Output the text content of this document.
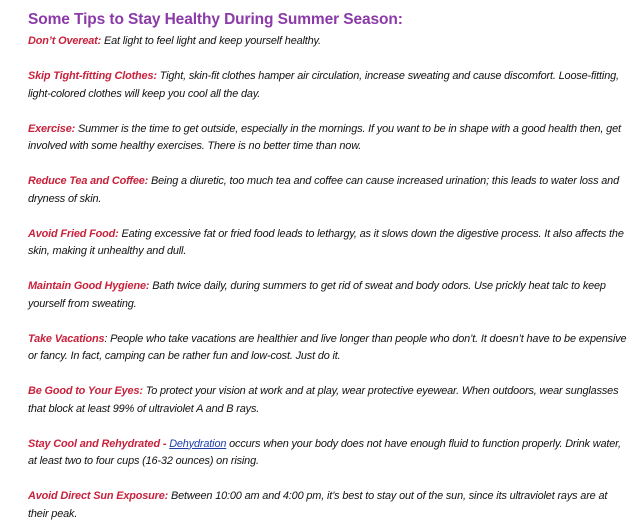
Some Tips to Stay Healthy During Summer Season:

Don’t Overeat: Eat light to feel light and keep yourself healthy.

Skip Tight-fitting Clothes: Tight, skin-fit clothes hamper air circulation, increase sweating and cause discomfort. Loose-fitting, light-colored clothes will keep you cool all the day.

Exercise: Summer is the time to get outside, especially in the mornings. If you want to be in shape with a good health then, get involved with some healthy exercises. There is no better time than now.

Reduce Tea and Coffee: Being a diuretic, too much tea and coffee can cause increased urination; this leads to water loss and dryness of skin.

Avoid Fried Food: Eating excessive fat or fried food leads to lethargy, as it slows down the digestive process. It also affects the skin, making it unhealthy and dull.

Maintain Good Hygiene: Bath twice daily, during summers to get rid of sweat and body odors. Use prickly heat talc to keep yourself from sweating.

Take Vacations: People who take vacations are healthier and live longer than people who don’t. It doesn’t have to be expensive or fancy. In fact, camping can be rather fun and low-cost. Just do it.

Be Good to Your Eyes: To protect your vision at work and at play, wear protective eyewear. When outdoors, wear sunglasses that block at least 99% of ultraviolet A and B rays.

Stay Cool and Rehydrated - Dehydration occurs when your body does not have enough fluid to function properly. Drink water, at least two to four cups (16-32 ounces) on rising.

Avoid Direct Sun Exposure: Between 10:00 am and 4:00 pm, it’s best to stay out of the sun, since its ultraviolet rays are at their peak.
